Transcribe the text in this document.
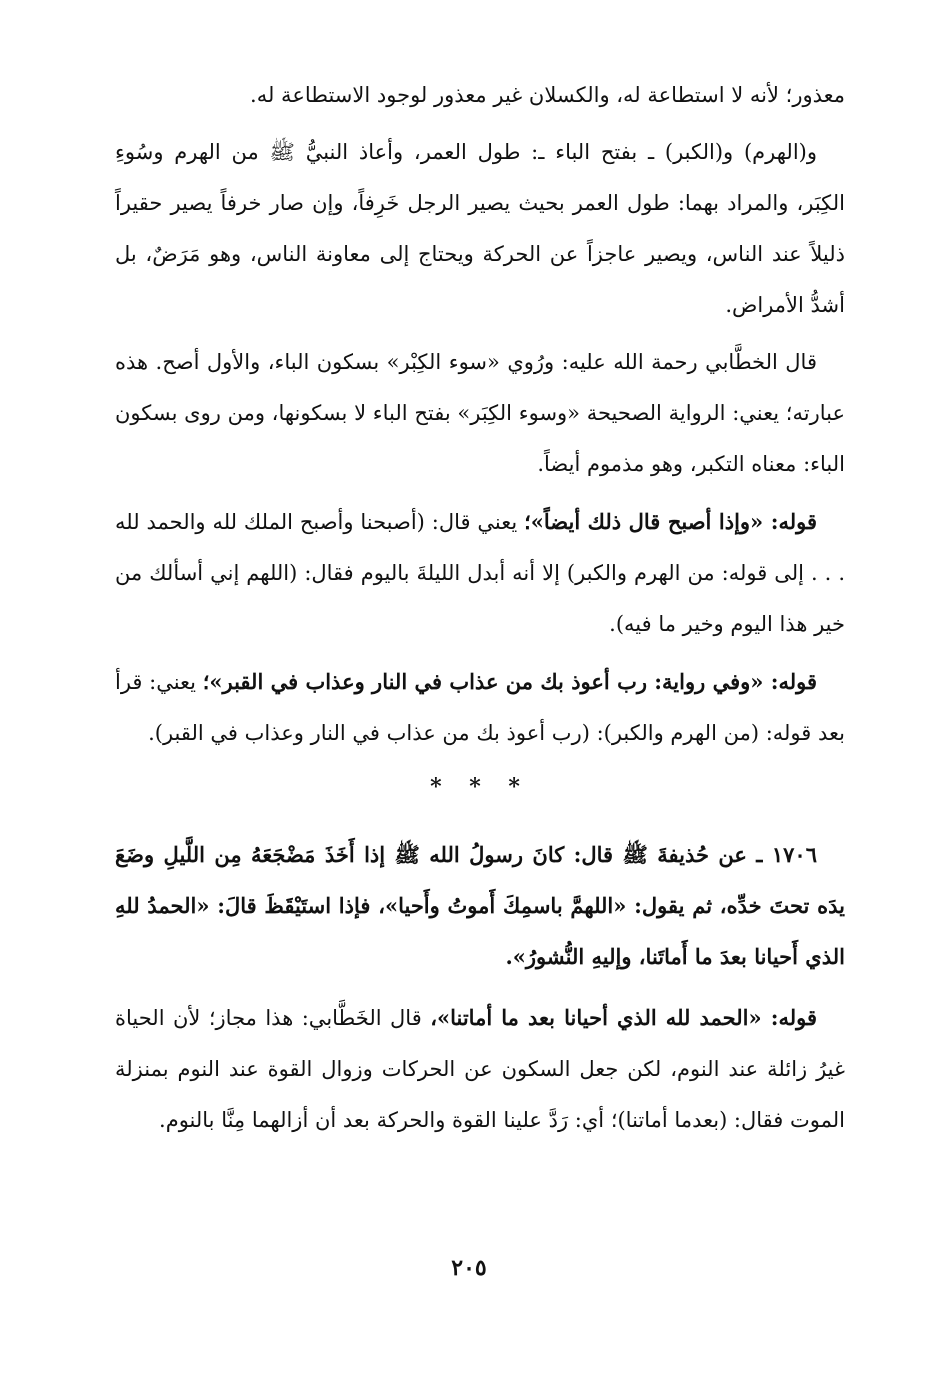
معذور؛ لأنه لا استطاعة له، والكسلان غير معذور لوجود الاستطاعة له.

و(الهرم) و(الكبر) ـ بفتح الباء ـ: طول العمر، وأعاذ النبيُّ ﷺ من الهرم وسُوءِ الكِبَر، والمراد بهما: طول العمر بحيث يصير الرجل خَرِفاً، وإن صار خرفاً يصير حقيراً ذليلاً عند الناس، ويصير عاجزاً عن الحركة ويحتاج إلى معاونة الناس، وهو مَرَضٌ، بل أشدُّ الأمراض.

قال الخطَّابي رحمة الله عليه: ورُوي «سوء الكِبْر» بسكون الباء، والأول أصح. هذه عبارته؛ يعني: الرواية الصحيحة «وسوء الكِبَر» بفتح الباء لا بسكونها، ومن روى بسكون الباء: معناه التكبر، وهو مذموم أيضاً.

قوله: «وإذا أصبح قال ذلك أيضاً»؛ يعني قال: (أصبحنا وأصبح الملك لله والحمد لله . . . إلى قوله: من الهرم والكبر) إلا أنه أبدل الليلةَ باليوم فقال: (اللهم إني أسألك من خير هذا اليوم وخير ما فيه).

قوله: «وفي رواية: رب أعوذ بك من عذاب في النار وعذاب في القبر»؛ يعني: قرأ بعد قوله: (من الهرم والكبر): (رب أعوذ بك من عذاب في النار وعذاب في القبر).

* * *

١٧٠٦ ـ عن حُذيفةَ ﷺ قال: كانَ رسولُ الله ﷺ إذا أَخَذَ مَضْجَعَهُ مِن اللَّيلِ وضَعَ يدَه تحتَ خدِّه، ثم يقول: «اللهمَّ باسمِكَ أَموتُ وأَحيا»، فإذا استَيْقَظَ قالَ: «الحمدُ للهِ الذي أَحيانا بعدَ ما أَماتَنا، وإليهِ النُّشورُ».

قوله: «الحمد لله الذي أحيانا بعد ما أماتنا»، قال الخَطَّابي: هذا مجاز؛ لأن الحياة غيرُ زائلة عند النوم، لكن جعل السكون عن الحركات وزوال القوة عند النوم بمنزلة الموت فقال: (بعدما أماتنا)؛ أي: رَدَّ علينا القوة والحركة بعد أن أزالهما مِنَّا بالنوم.

٢٠٥
